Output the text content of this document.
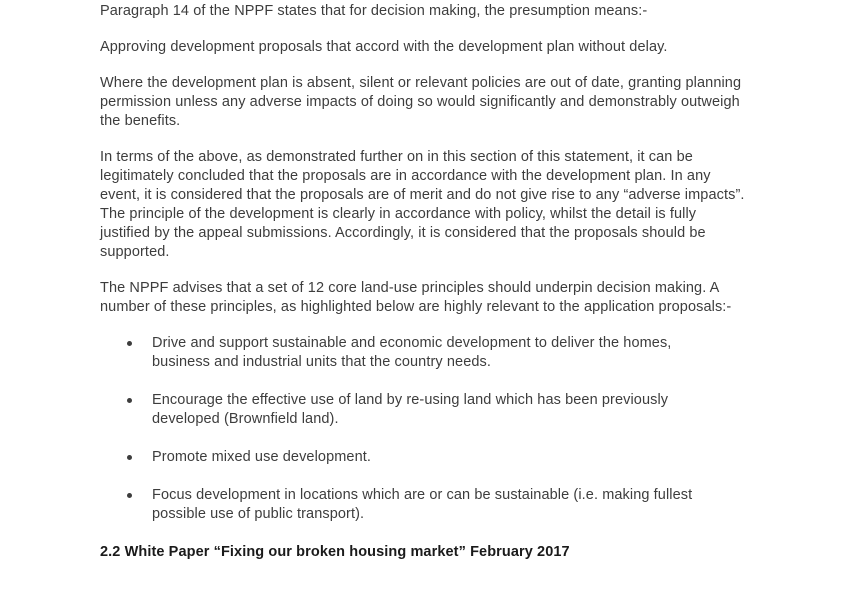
Paragraph 14 of the NPPF states that for decision making, the presumption means:-

Approving development proposals that accord with the development plan without delay.

Where the development plan is absent, silent or relevant policies are out of date, granting planning permission unless any adverse impacts of doing so would significantly and demonstrably outweigh the benefits.

In terms of the above, as demonstrated further on in this section of this statement, it can be legitimately concluded that the proposals are in accordance with the development plan. In any event, it is considered that the proposals are of merit and do not give rise to any “adverse impacts”. The principle of the development is clearly in accordance with policy, whilst the detail is fully justified by the appeal submissions. Accordingly, it is considered that the proposals should be supported.

The NPPF advises that a set of 12 core land-use principles should underpin decision making. A number of these principles, as highlighted below are highly relevant to the application proposals:-

Drive and support sustainable and economic development to deliver the homes, business and industrial units that the country needs.
Encourage the effective use of land by re-using land which has been previously developed (Brownfield land).
Promote mixed use development.
Focus development in locations which are or can be sustainable (i.e. making fullest possible use of public transport).
2.2 White Paper “Fixing our broken housing market” February 2017
